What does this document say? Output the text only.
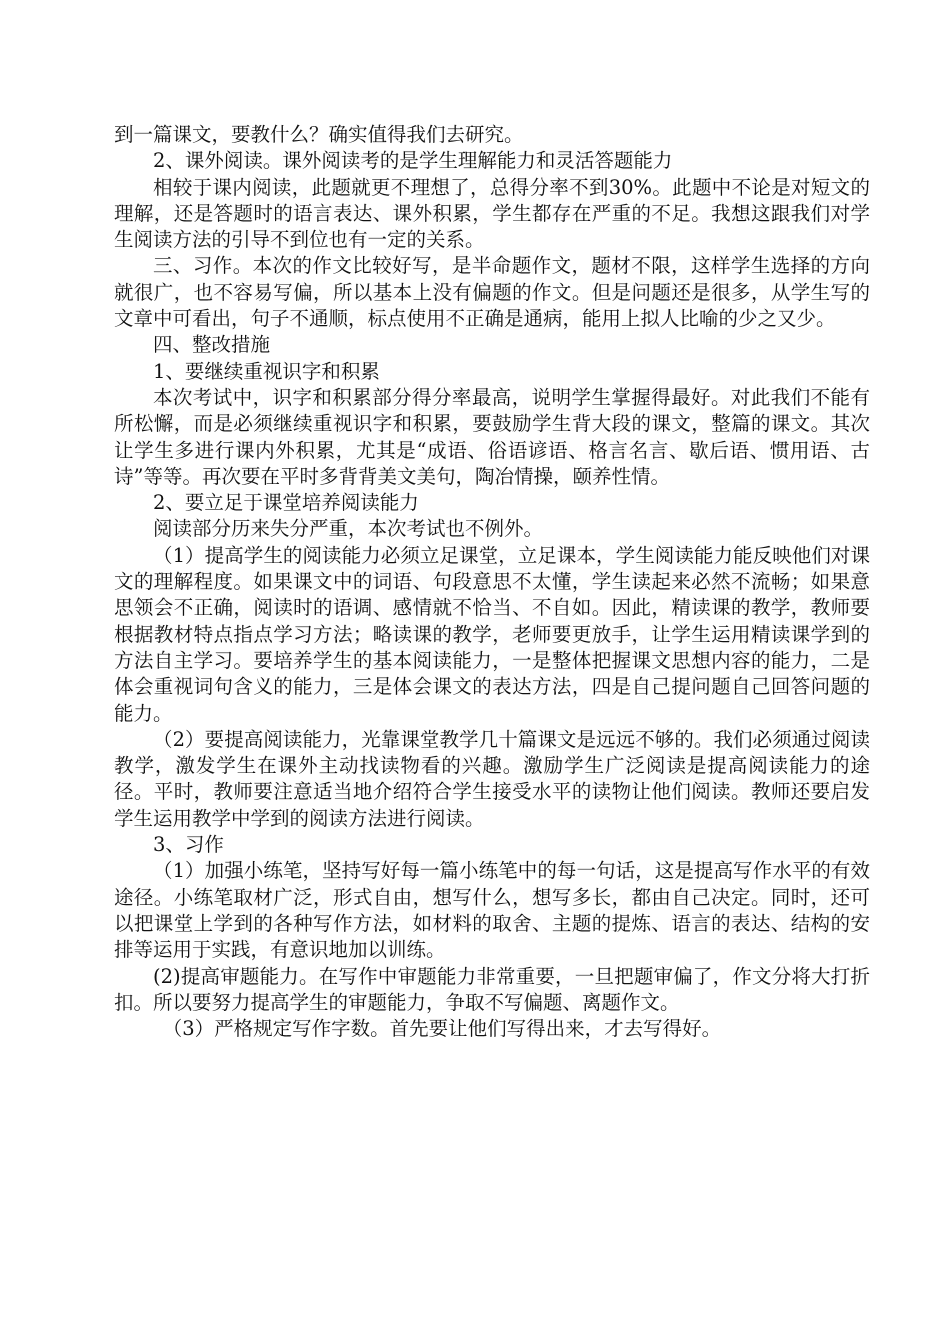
到一篇课文，要教什么？确实值得我们去研究。

2、课外阅读。课外阅读考的是学生理解能力和灵活答题能力

相较于课内阅读，此题就更不理想了，总得分率不到30%。此题中不论是对短文的理解，还是答题时的语言表达、课外积累，学生都存在严重的不足。我想这跟我们对学生阅读方法的引导不到位也有一定的关系。

三、习作。本次的作文比较好写，是半命题作文，题材不限，这样学生选择的方向就很广，也不容易写偏，所以基本上没有偏题的作文。但是问题还是很多，从学生写的文章中可看出，句子不通顺，标点使用不正确是通病，能用上拟人比喻的少之又少。

四、整改措施

1、要继续重视识字和积累

本次考试中，识字和积累部分得分率最高，说明学生掌握得最好。对此我们不能有所松懈，而是必须继续重视识字和积累，要鼓励学生背大段的课文，整篇的课文。其次让学生多进行课内外积累，尤其是“成语、俗语谚语、格言名言、歇后语、惯用语、古诗”等等。再次要在平时多背背美文美句，陶冶情操，颐养性情。

2、要立足于课堂培养阅读能力

阅读部分历来失分严重，本次考试也不例外。

（1）提高学生的阅读能力必须立足课堂，立足课本，学生阅读能力能反映他们对课文的理解程度。如果课文中的词语、句段意思不太懂，学生读起来必然不流畅；如果意思领会不正确，阅读时的语调、感情就不恰当、不自如。因此，精读课的教学，教师要根据教材特点指点学习方法；略读课的教学，老师要更放手，让学生运用精读课学到的方法自主学习。要培养学生的基本阅读能力，一是整体把握课文思想内容的能力，二是体会重视词句含义的能力，三是体会课文的表达方法，四是自己提问题自己回答问题的能力。

（2）要提高阅读能力，光靠课堂教学几十篇课文是远远不够的。我们必须通过阅读教学，激发学生在课外主动找读物看的兴趣。激励学生广泛阅读是提高阅读能力的途径。平时，教师要注意适当地介绍符合学生接受水平的读物让他们阅读。教师还要启发学生运用教学中学到的阅读方法进行阅读。

3、习作

（1）加强小练笔，坚持写好每一篇小练笔中的每一句话，这是提高写作水平的有效途径。小练笔取材广泛，形式自由，想写什么，想写多长，都由自己决定。同时，还可以把课堂上学到的各种写作方法，如材料的取舍、主题的提炼、语言的表达、结构的安排等运用于实践，有意识地加以训练。

(2)提高审题能力。在写作中审题能力非常重要，一旦把题审偏了，作文分将大打折扣。所以要努力提高学生的审题能力，争取不写偏题、离题作文。

（3）严格规定写作字数。首先要让他们写得出来，才去写得好。
